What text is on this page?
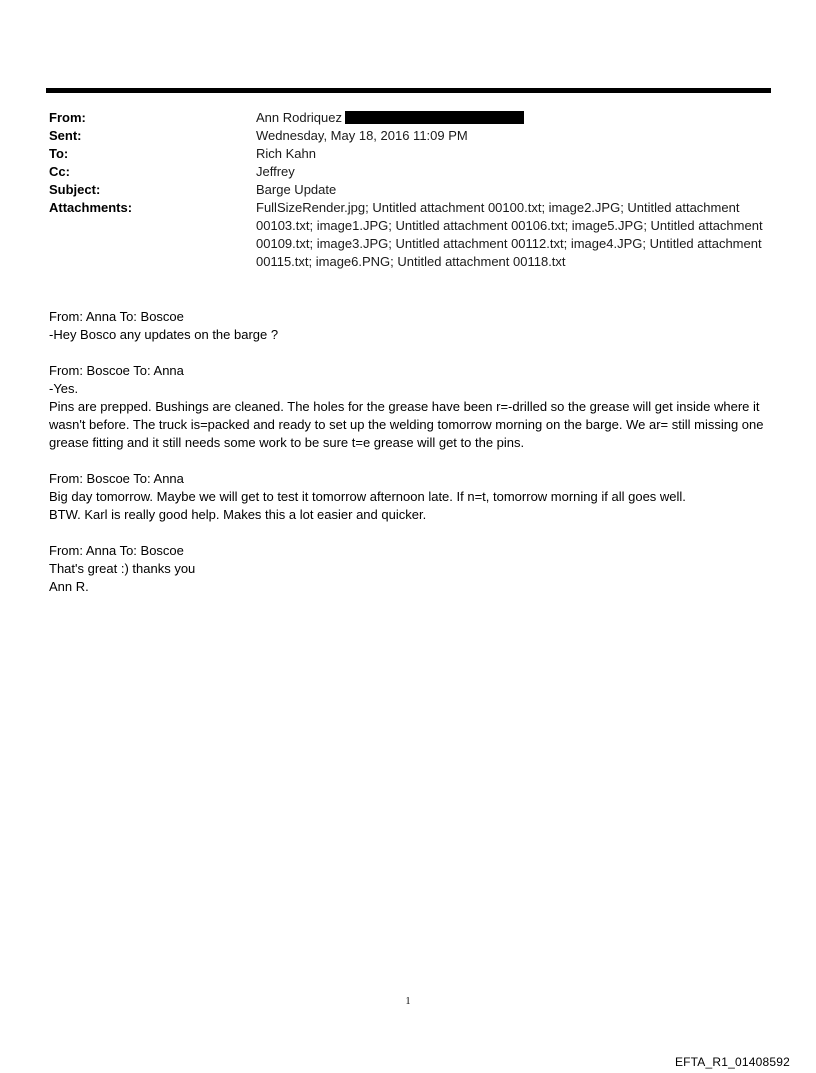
From:	Ann Rodriquez
Sent:	Wednesday, May 18, 2016 11:09 PM
To:	Rich Kahn
Cc:	Jeffrey
Subject:	Barge Update
Attachments:	FullSizeRender.jpg; Untitled attachment 00100.txt; image2.JPG; Untitled attachment 00103.txt; image1.JPG; Untitled attachment 00106.txt; image5.JPG; Untitled attachment 00109.txt; image3.JPG; Untitled attachment 00112.txt; image4.JPG; Untitled attachment 00115.txt; image6.PNG; Untitled attachment 00118.txt
From: Anna To: Boscoe
-Hey Bosco any updates on the barge ?
From: Boscoe To: Anna
-Yes.
Pins are prepped. Bushings are cleaned. The holes for the grease have been r=-drilled so the grease will get inside where it wasn't before. The truck is=packed and ready to set up the welding tomorrow morning on the barge. We ar= still missing one grease fitting and it still needs some work to be sure t=e grease will get to the pins.
From: Boscoe To: Anna
Big day tomorrow. Maybe we will get to test it tomorrow afternoon late. If n=t, tomorrow morning if all goes well.
BTW. Karl is really good help. Makes this a lot easier and quicker.
From: Anna To: Boscoe
That's great :) thanks you
Ann R.
1
EFTA_R1_01408592
